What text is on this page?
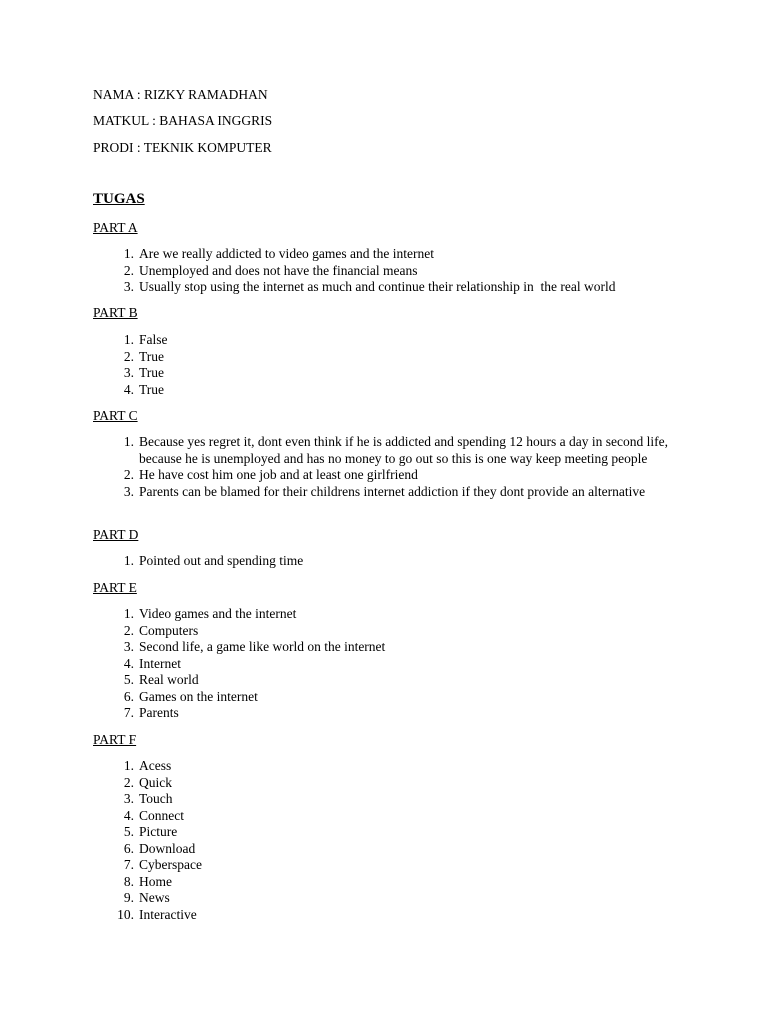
NAMA : RIZKY RAMADHAN
MATKUL : BAHASA INGGRIS
PRODI : TEKNIK KOMPUTER
TUGAS
PART A
1. Are we really addicted to video games and the internet
2. Unemployed and does not have the financial means
3. Usually stop using the internet as much and continue their relationship in  the real world
PART B
1. False
2. True
3. True
4. True
PART C
1. Because yes regret it, dont even think if he is addicted and spending 12 hours a day in second life, because he is unemployed and has no money to go out so this is one way keep meeting people
2. He have cost him one job and at least one girlfriend
3. Parents can be blamed for their childrens internet addiction if they dont provide an alternative
PART D
1. Pointed out and spending time
PART E
1. Video games and the internet
2. Computers
3. Second life, a game like world on the internet
4. Internet
5. Real world
6. Games on the internet
7. Parents
PART F
1. Acess
2. Quick
3. Touch
4. Connect
5. Picture
6. Download
7. Cyberspace
8. Home
9. News
10. Interactive
